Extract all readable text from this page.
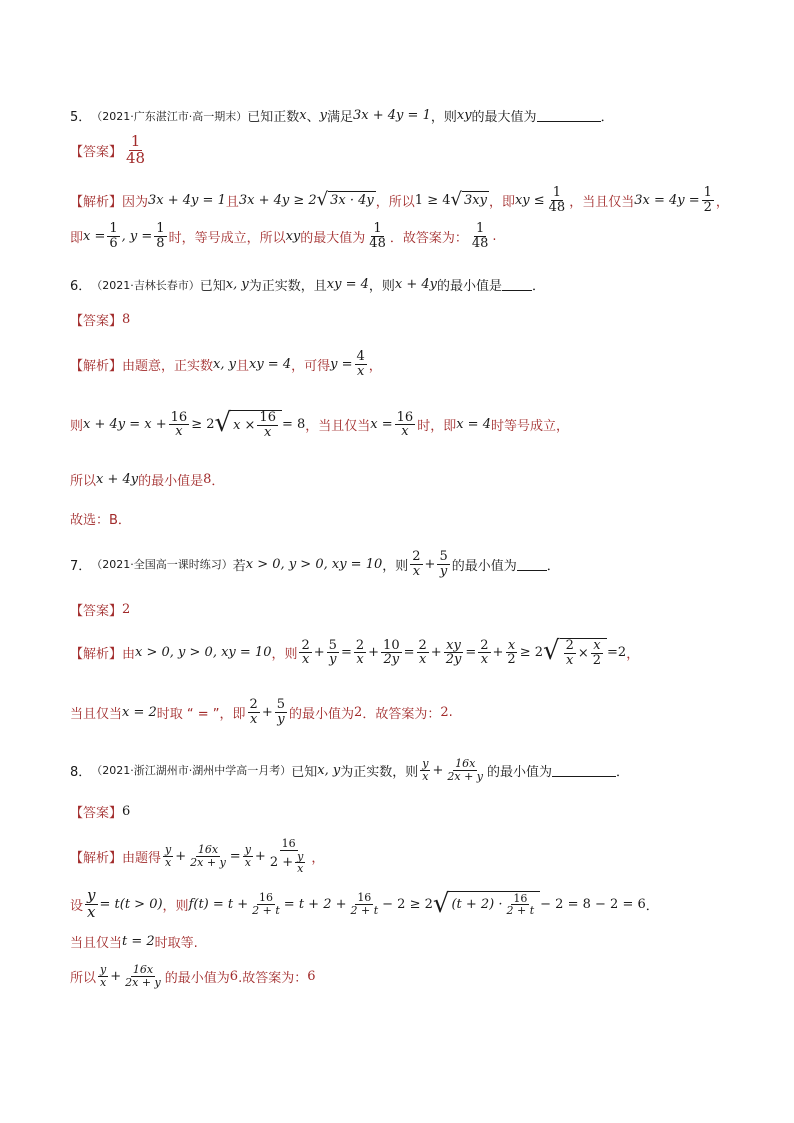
5． （2021·广东湛江市·高一期末） 已知正数 x 、 y 满足 3x + 4y = 1 ，则 xy 的最大值为	．
【答案】 $\frac{1}{48}$
【解析】 因为 3x + 4y = 1 且 3x + 4y ≥ 2 √ 3x · 4y ，所以 1 ≥ 4 √ 3xy ，即 xy ≤ $\frac{1}{48}$ ，当且仅当 $3x = 4y = \frac{1}{2}$ ，
即 $x = \frac{1}{6}$ , $y = \frac{1}{8}$ 时，等号成立，所以 xy 的最大值为 $\frac{1}{48}$ ．故答案为： $\frac{1}{48}$ .
6． （2021·吉林长春市） 已知 x, y 为正实数，且 xy = 4 ，则 x + 4y 的最小值是 ．
【答案】 8
【解析】 由题意，正实数 x, y 且 xy = 4 ，可得 $y = \frac{4}{x}$ ，
则 $x + 4y = x + \frac{16}{x} \ge 2$ √ $x \times \frac{16}{x} = 8$ ，当且仅当 $x = \frac{16}{x}$ 时，即 x = 4 时等号成立，
所以 x + 4y 的最小值是 8 ．
故选：B．
7． （2021·全国高一课时练习） 若 x > 0, y > 0, xy = 10 ，则 $\frac{2}{x} + \frac{5}{y}$ 的最小值为 ．
【答案】 2
【解析】 由 x > 0, y > 0, xy = 10 ，则 $\frac{2}{x} + \frac{5}{y} = \frac{2}{x} + \frac{10}{2y} = \frac{2}{x} + \frac{xy}{2y} = \frac{2}{x} + \frac{x}{2} \ge 2$ √ $\frac{2}{x} \times \frac{x}{2} =2$ ，
当且仅当 x = 2 时取 “ = ”，即 $\frac{2}{x} + \frac{5}{y}$ 的最小值为 2 ．故答案为： 2 .
8． （2021·浙江湖州市·湖州中学高一月考） 已知 x, y 为正实数，则 $\frac{y}{x} + \frac{16x}{2x + y}$ 的最小值为	．
【答案】 6
【解析】 由题得 $\frac{y}{x} + \frac{16x}{2x + y} = \frac{y}{x} + \frac{16}{2 + \frac{y}{x}}$ ，
设 $\frac{y}{x} = t(t > 0)$ ，则 $f(t) = t + \frac{16}{2 + t} = t + 2 + \frac{16}{2 + t} - 2 \ge 2$ √ $(t + 2) \cdot \frac{16}{2 + t} - 2 = 8 - 2 = 6$ ．
当且仅当 t = 2 时取等.
所以 $\frac{y}{x} + \frac{16x}{2x + y}$ 的最小值为 6 .故答案为： 6
